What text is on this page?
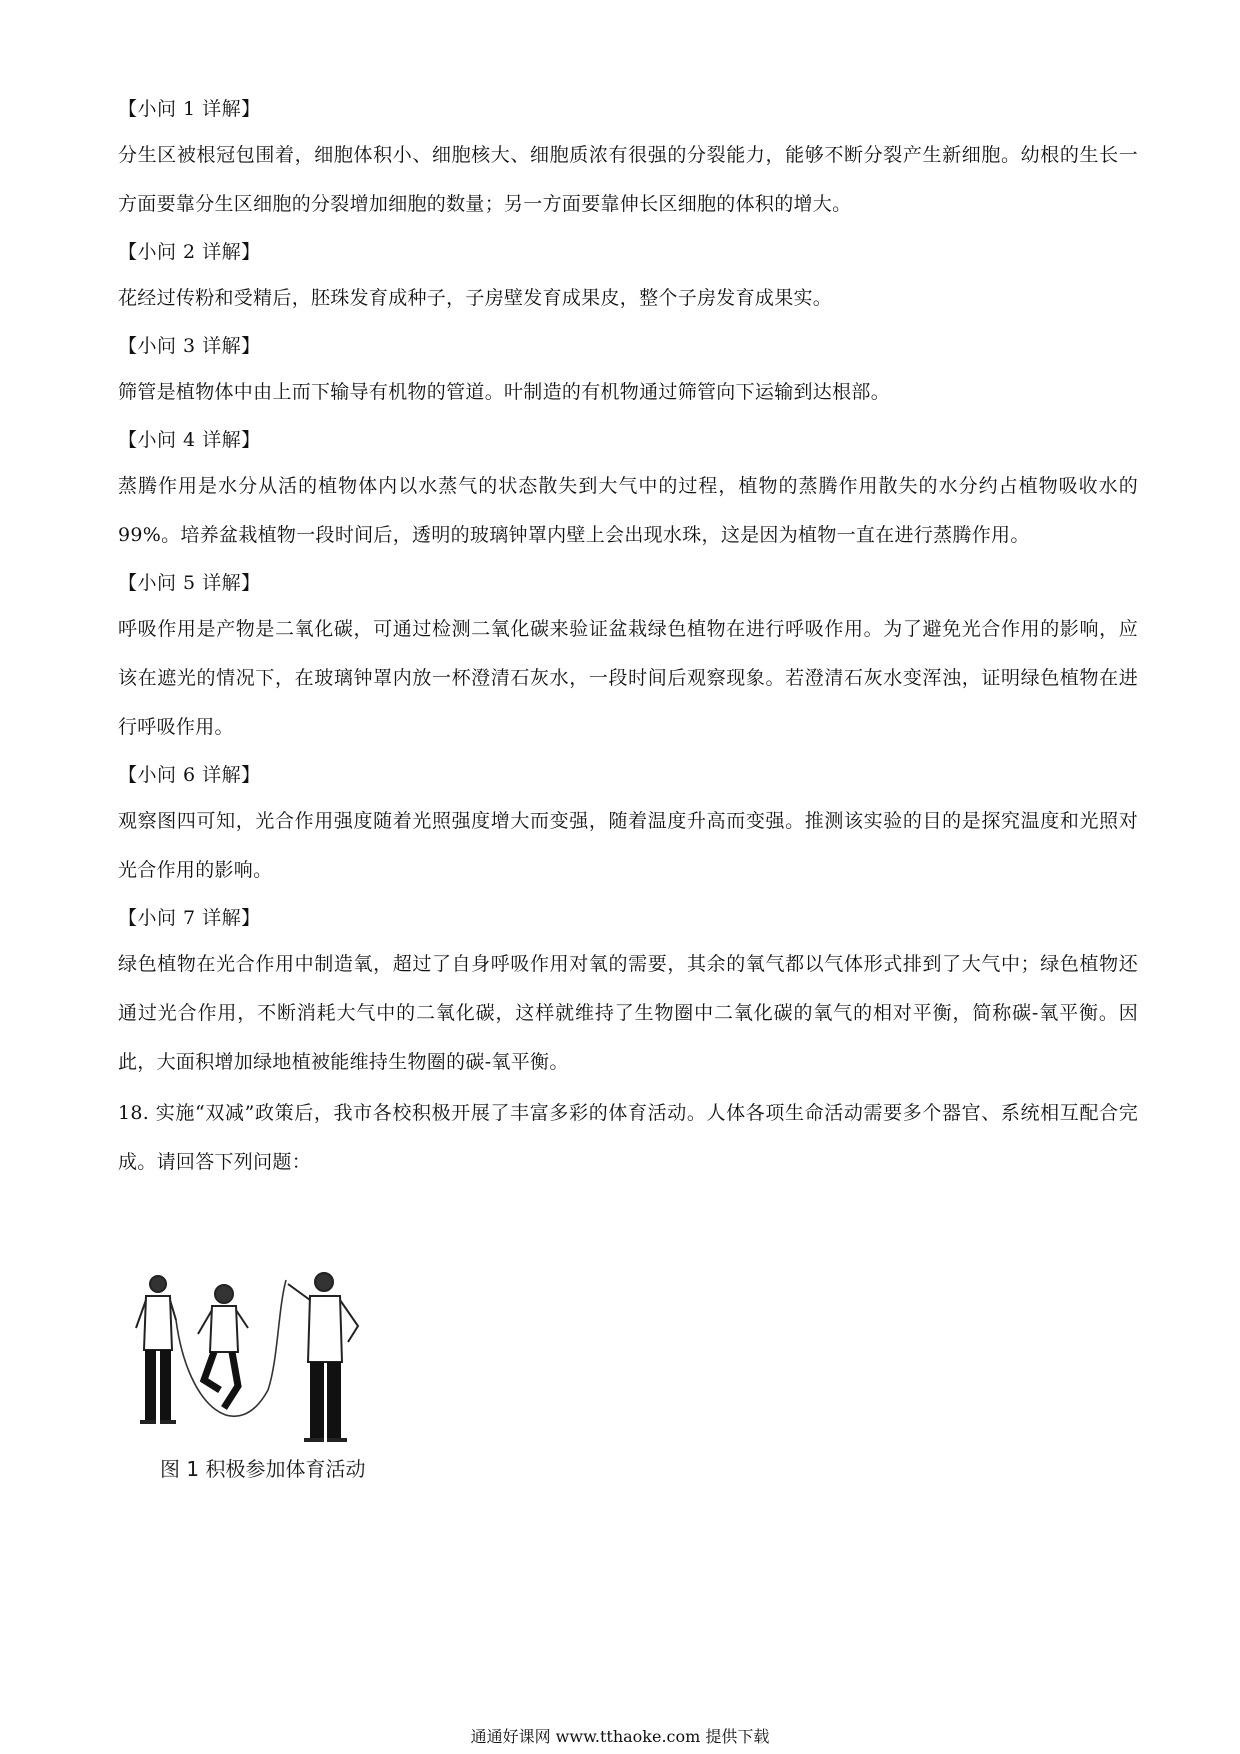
【小问 1 详解】
分生区被根冠包围着，细胞体积小、细胞核大、细胞质浓有很强的分裂能力，能够不断分裂产生新细胞。幼根的生长一方面要靠分生区细胞的分裂增加细胞的数量；另一方面要靠伸长区细胞的体积的增大。
【小问 2 详解】
花经过传粉和受精后，胚珠发育成种子，子房壁发育成果皮，整个子房发育成果实。
【小问 3 详解】
筛管是植物体中由上而下输导有机物的管道。叶制造的有机物通过筛管向下运输到达根部。
【小问 4 详解】
蒸腾作用是水分从活的植物体内以水蒸气的状态散失到大气中的过程，植物的蒸腾作用散失的水分约占植物吸收水的 99%。培养盆栽植物一段时间后，透明的玻璃钟罩内壁上会出现水珠，这是因为植物一直在进行蒸腾作用。
【小问 5 详解】
呼吸作用是产物是二氧化碳，可通过检测二氧化碳来验证盆栽绿色植物在进行呼吸作用。为了避免光合作用的影响，应该在遮光的情况下，在玻璃钟罩内放一杯澄清石灰水，一段时间后观察现象。若澄清石灰水变浑浊，证明绿色植物在进行呼吸作用。
【小问 6 详解】
观察图四可知，光合作用强度随着光照强度增大而变强，随着温度升高而变强。推测该实验的目的是探究温度和光照对光合作用的影响。
【小问 7 详解】
绿色植物在光合作用中制造氧，超过了自身呼吸作用对氧的需要，其余的氧气都以气体形式排到了大气中；绿色植物还通过光合作用，不断消耗大气中的二氧化碳，这样就维持了生物圈中二氧化碳的氧气的相对平衡，简称碳-氧平衡。因此，大面积增加绿地植被能维持生物圈的碳-氧平衡。
18. 实施“双减”政策后，我市各校积极开展了丰富多彩的体育活动。人体各项生命活动需要多个器官、系统相互配合完成。请回答下列问题：
图 1 积极参加体育活动
通通好课网 www.tthaoke.com 提供下载
